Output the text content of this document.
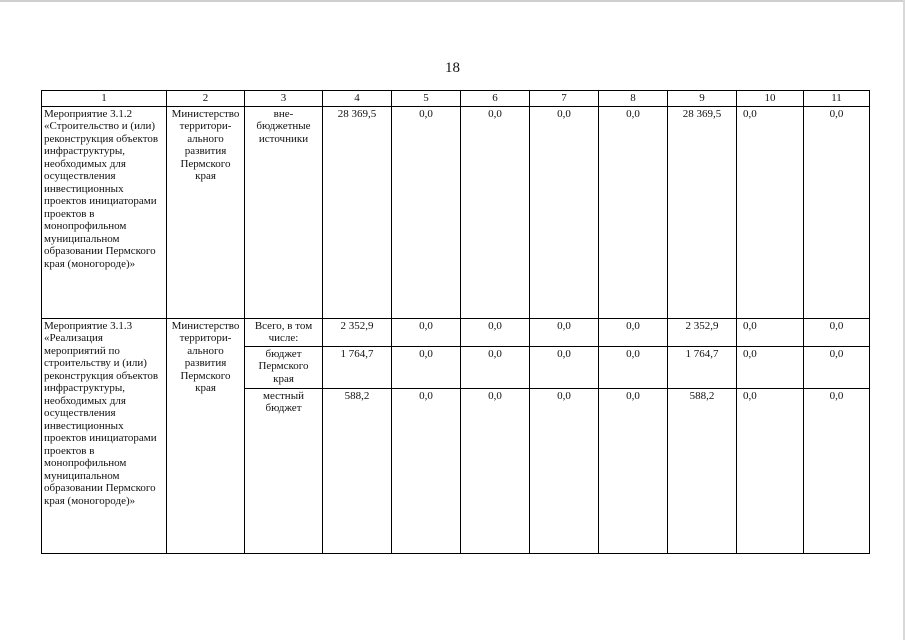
18
1	2	3	4	5	6	7	8	9	10	11
Мероприятие 3.1.2 «Строительство и (или) реконструкция объектов инфраструктуры, необходимых для осуществления инвестиционных проектов инициаторами проектов в монопрофильном муниципальном образовании Пермского края (моногороде)»	Министерство территори-ального развития Пермского края	вне-бюджетные источники	28 369,5	0,0	0,0	0,0	0,0	28 369,5	0,0	0,0
Мероприятие 3.1.3 «Реализация мероприятий по строительству и (или) реконструкция объектов инфраструктуры, необходимых для осуществления инвестиционных проектов инициаторами проектов в монопрофильном муниципальном образовании Пермского края (моногороде)»	Министерство территори-ального развития Пермского края	Всего, в том числе:	2 352,9	0,0	0,0	0,0	0,0	2 352,9	0,0	0,0
		бюджет Пермского края	1 764,7	0,0	0,0	0,0	0,0	1 764,7	0,0	0,0
		местный бюджет	588,2	0,0	0,0	0,0	0,0	588,2	0,0	0,0
